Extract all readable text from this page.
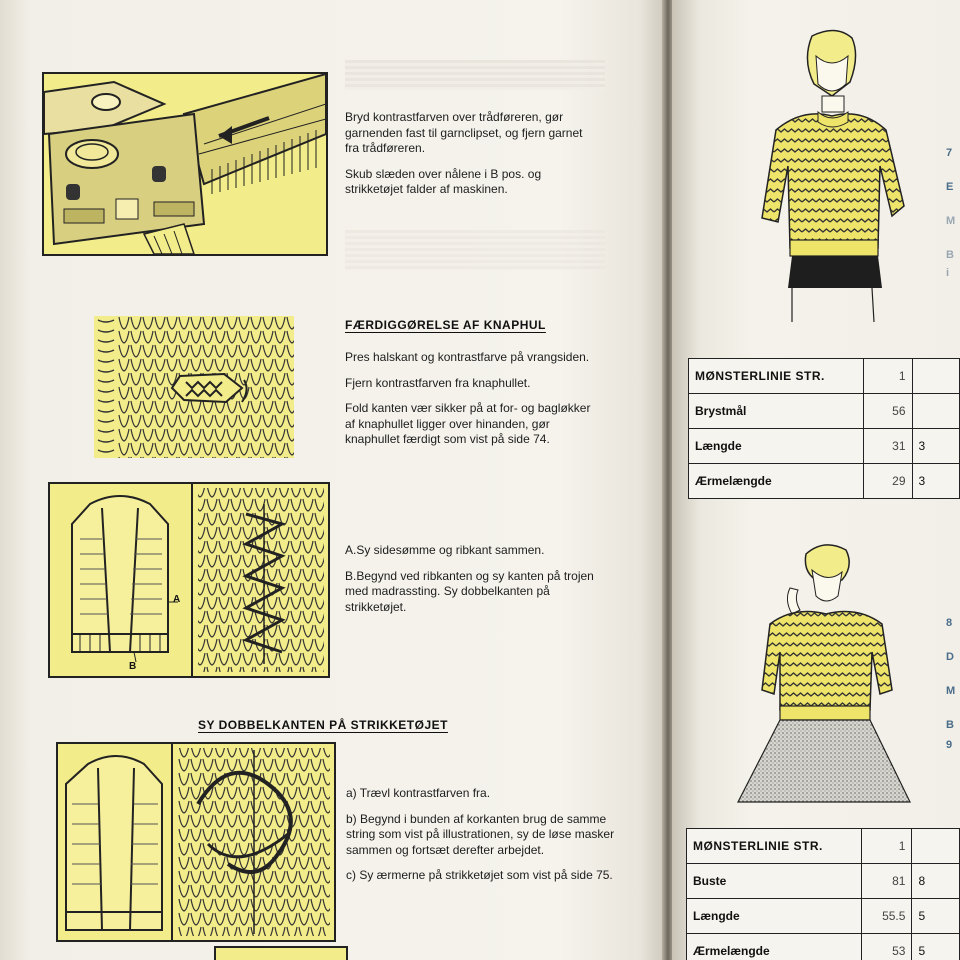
Bryd kontrastfarven over trådføreren, gør garnenden fast til garnclipset, og fjern garnet fra trådføreren.

Skub slæden over nålene i B pos. og strikketøjet falder af maskinen.

FÆRDIGGØRELSE AF KNAPHUL

Pres halskant og kontrastfarve på vrangsiden.

Fjern kontrastfarven fra knaphullet.

Fold kanten vær sikker på at for- og bagløkker af knaphullet ligger over hinanden, gør knaphullet færdigt som vist på side 74.

A
B

A.Sy sidesømme og ribkant sammen.

B.Begynd ved ribkanten og sy kanten på trojen med madrassting. Sy dobbelkanten på strikketøjet.

SY DOBBELKANTEN PÅ STRIKKETØJET

a) Trævl kontrastfarven fra.

b) Begynd i bunden af korkanten brug de samme string som vist på illustrationen, sy de løse masker sammen og fortsæt derefter arbejdet.

c) Sy ærmerne på strikketøjet som vist på side 75.

7 E
M
B
i
MØNSTERLINIE STR.	1	
Brystmål	56	
Længde	31	3
Ærmelængde	29	3
8 D
M
B
9
MØNSTERLINIE STR.	1	
Buste	81	8
Længde	55.5	5
Ærmelængde	53	5
